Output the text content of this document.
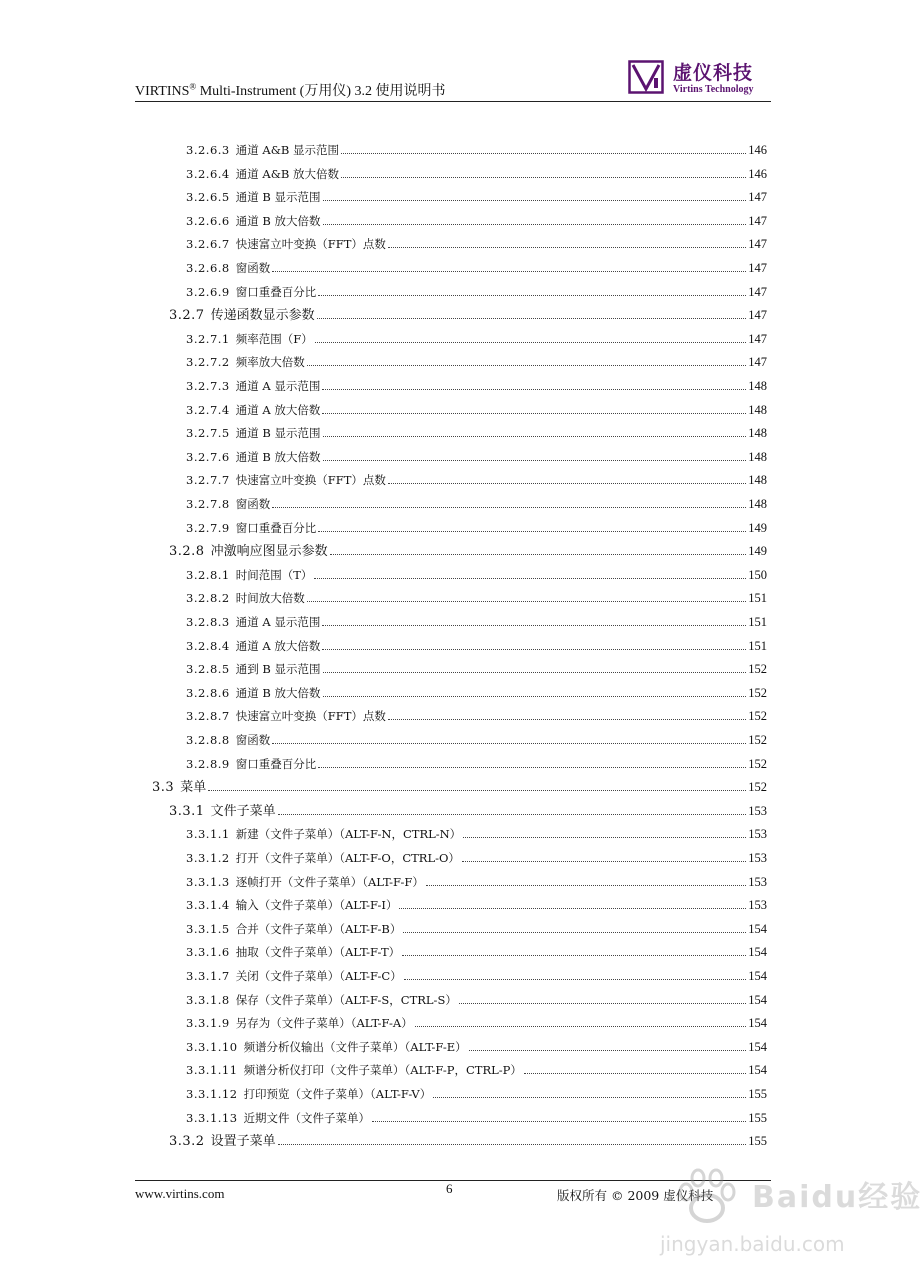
VIRTINS® Multi-Instrument (万用仪) 3.2 使用说明书
虚仪科技
Virtins Technology
3.2.6.3 通道 A&B 显示范围	146
3.2.6.4 通道 A&B 放大倍数	146
3.2.6.5 通道 B 显示范围	147
3.2.6.6 通道 B 放大倍数	147
3.2.6.7 快速富立叶变换（FFT）点数	147
3.2.6.8 窗函数	147
3.2.6.9 窗口重叠百分比	147
3.2.7 传递函数显示参数	147
3.2.7.1 频率范围（F）	147
3.2.7.2 频率放大倍数	147
3.2.7.3 通道 A 显示范围	148
3.2.7.4 通道 A 放大倍数	148
3.2.7.5 通道 B 显示范围	148
3.2.7.6 通道 B 放大倍数	148
3.2.7.7 快速富立叶变换（FFT）点数	148
3.2.7.8 窗函数	148
3.2.7.9 窗口重叠百分比	149
3.2.8 冲激响应图显示参数	149
3.2.8.1 时间范围（T）	150
3.2.8.2 时间放大倍数	151
3.2.8.3 通道 A 显示范围	151
3.2.8.4 通道 A 放大倍数	151
3.2.8.5 通到 B 显示范围	152
3.2.8.6 通道 B 放大倍数	152
3.2.8.7 快速富立叶变换（FFT）点数	152
3.2.8.8 窗函数	152
3.2.8.9 窗口重叠百分比	152
3.3 菜单	152
3.3.1 文件子菜单	153
3.3.1.1 新建（文件子菜单）（ALT-F-N，CTRL-N）	153
3.3.1.2 打开（文件子菜单）（ALT-F-O，CTRL-O）	153
3.3.1.3 逐帧打开（文件子菜单）（ALT-F-F）	153
3.3.1.4 输入（文件子菜单）（ALT-F-I）	153
3.3.1.5 合并（文件子菜单）（ALT-F-B）	154
3.3.1.6 抽取（文件子菜单）（ALT-F-T）	154
3.3.1.7 关闭（文件子菜单）（ALT-F-C）	154
3.3.1.8 保存（文件子菜单）（ALT-F-S，CTRL-S）	154
3.3.1.9 另存为（文件子菜单）（ALT-F-A）	154
3.3.1.10 频谱分析仪输出（文件子菜单）（ALT-F-E）	154
3.3.1.11 频谱分析仪打印（文件子菜单）（ALT-F-P，CTRL-P）	154
3.3.1.12 打印预览（文件子菜单）（ALT-F-V）	155
3.3.1.13 近期文件（文件子菜单）	155
3.3.2 设置子菜单	155
www.virtins.com	6	版权所有 © 2009 虚仪科技 Baidu经验
jingyan.baidu.com
